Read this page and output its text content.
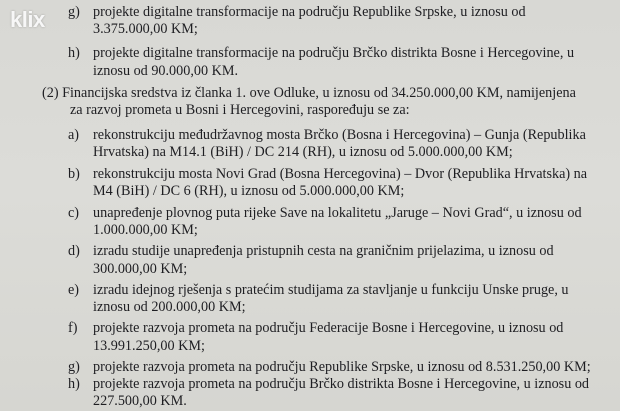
klix	g) projekte digitalne transformacije na području Republike Srpske, u iznosu od
3.375.000,00 KM;
h) projekte digitalne transformacije na području Brčko distrikta Bosne i Hercegovine, u
iznosu od 90.000,00 KM.
(2) Financijska sredstva iz članka 1. ove Odluke, u iznosu od 34.250.000,00 KM, namijenjena
za razvoj prometa u Bosni i Hercegovini, raspoređuju se za:
a) rekonstrukciju međudržavnog mosta Brčko (Bosna i Hercegovina) – Gunja (Republika
Hrvatska) na M14.1 (BiH) / DC 214 (RH), u iznosu od 5.000.000,00 KM;
b) rekonstrukciju mosta Novi Grad (Bosna Hercegovina) – Dvor (Republika Hrvatska) na
M4 (BiH) / DC 6 (RH), u iznosu od 5.000.000,00 KM;
c) unapređenje plovnog puta rijeke Save na lokalitetu „Jaruge – Novi Grad“, u iznosu od
1.000.000,00 KM;
d) izradu studije unapređenja pristupnih cesta na graničnim prijelazima, u iznosu od
300.000,00 KM;
e) izradu idejnog rješenja s pratećim studijama za stavljanje u funkciju Unske pruge, u
iznosu od 200.000,00 KM;
f) projekte razvoja prometa na području Federacije Bosne i Hercegovine, u iznosu od
13.991.250,00 KM;
g) projekte razvoja prometa na području Republike Srpske, u iznosu od 8.531.250,00 KM;
h) projekte razvoja prometa na području Brčko distrikta Bosne i Hercegovine, u iznosu od
227.500,00 KM.
